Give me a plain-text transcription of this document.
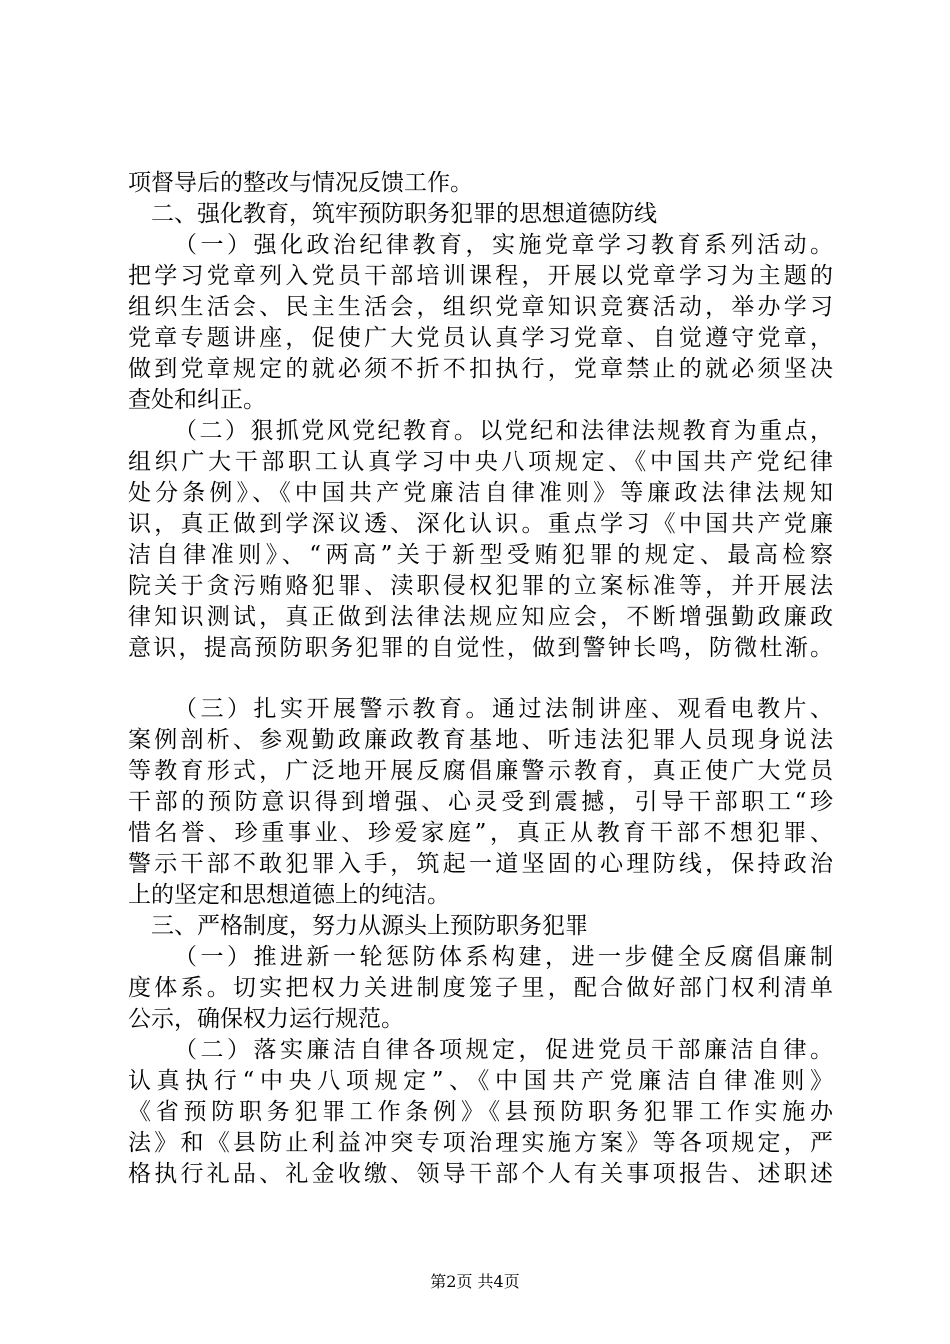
项督导后的整改与情况反馈工作。
二、强化教育，筑牢预防职务犯罪的思想道德防线
（一）强化政治纪律教育，实施党章学习教育系列活动。
把学习党章列入党员干部培训课程，开展以党章学习为主题的
组织生活会、民主生活会，组织党章知识竞赛活动，举办学习
党章专题讲座，促使广大党员认真学习党章、自觉遵守党章，
做到党章规定的就必须不折不扣执行，党章禁止的就必须坚决
查处和纠正。
（二）狠抓党风党纪教育。以党纪和法律法规教育为重点，
组织广大干部职工认真学习中央八项规定、《中国共产党纪律
处分条例》、《中国共产党廉洁自律准则》等廉政法律法规知
识，真正做到学深议透、深化认识。重点学习《中国共产党廉
洁自律准则》、“两高”关于新型受贿犯罪的规定、最高检察
院关于贪污贿赂犯罪、渎职侵权犯罪的立案标准等，并开展法
律知识测试，真正做到法律法规应知应会，不断增强勤政廉政
意识，提高预防职务犯罪的自觉性，做到警钟长鸣，防微杜渐。
（三）扎实开展警示教育。通过法制讲座、观看电教片、
案例剖析、参观勤政廉政教育基地、听违法犯罪人员现身说法
等教育形式，广泛地开展反腐倡廉警示教育，真正使广大党员
干部的预防意识得到增强、心灵受到震撼，引导干部职工“珍
惜名誉、珍重事业、珍爱家庭”，真正从教育干部不想犯罪、
警示干部不敢犯罪入手，筑起一道坚固的心理防线，保持政治
上的坚定和思想道德上的纯洁。
三、严格制度，努力从源头上预防职务犯罪
（一）推进新一轮惩防体系构建，进一步健全反腐倡廉制
度体系。切实把权力关进制度笼子里，配合做好部门权利清单
公示，确保权力运行规范。
（二）落实廉洁自律各项规定，促进党员干部廉洁自律。
认真执行“中央八项规定”、《中国共产党廉洁自律准则》
《省预防职务犯罪工作条例》《县预防职务犯罪工作实施办
法》和《县防止利益冲突专项治理实施方案》等各项规定，严
格执行礼品、礼金收缴、领导干部个人有关事项报告、述职述
第2页 共4页
